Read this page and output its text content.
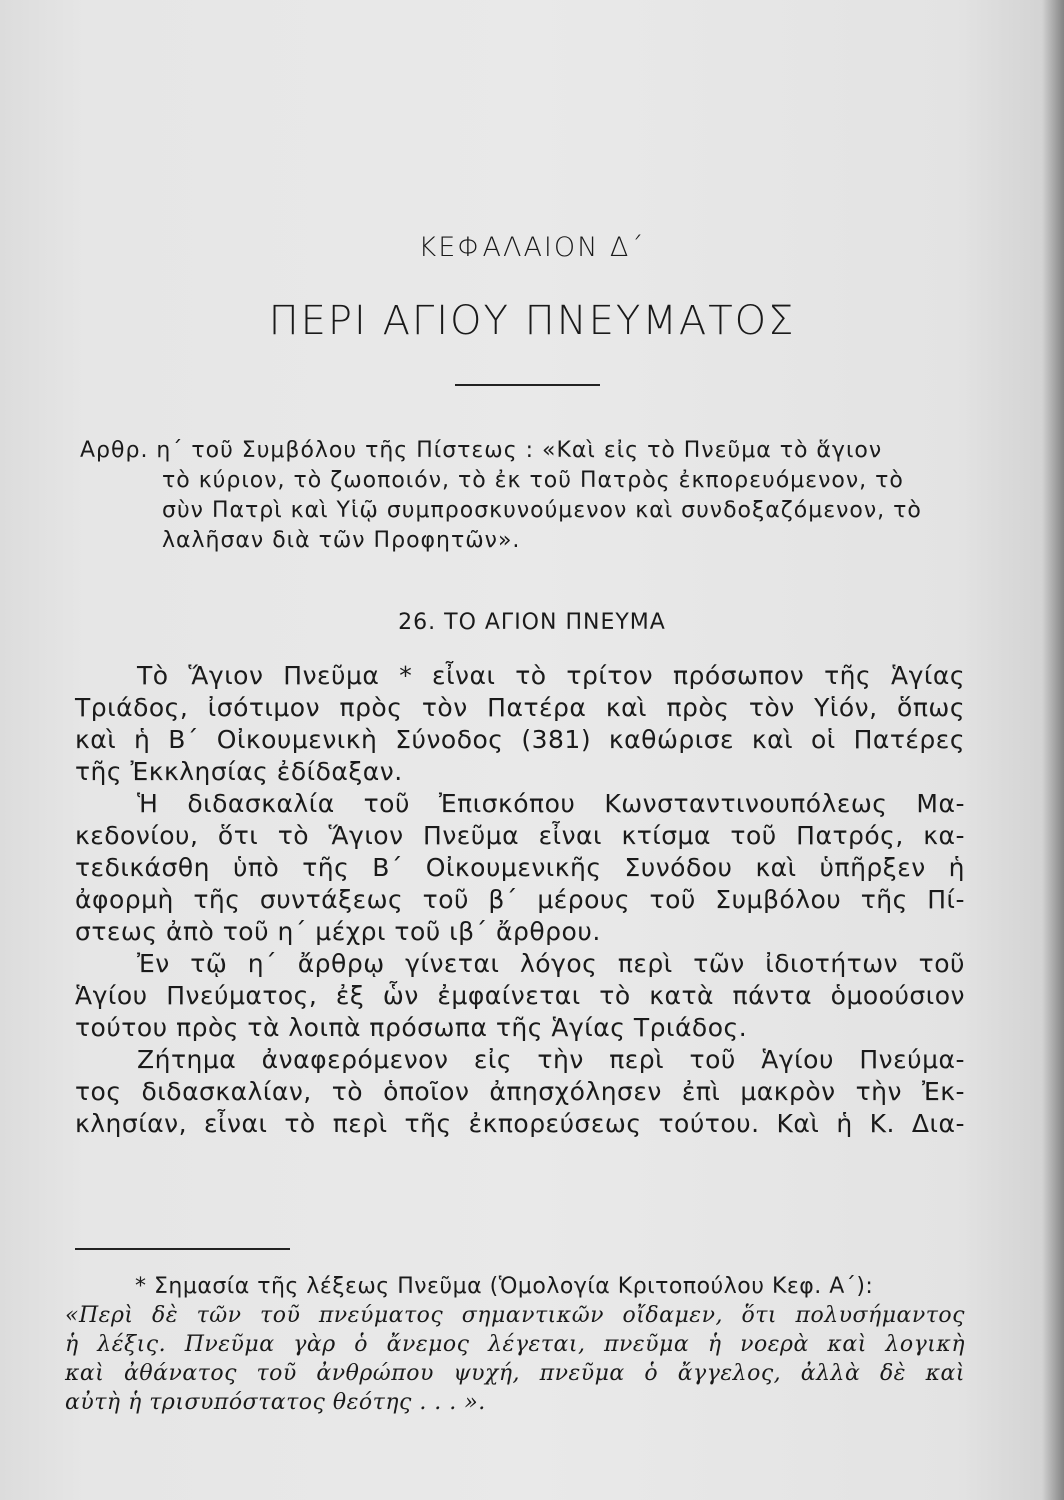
ΚΕΦΑΛΑΙΟΝ Δ΄
ΠΕΡΙ ΑΓΙΟΥ ΠΝΕΥΜΑΤΟΣ
Αρθρ. η΄ τοῦ Συμβόλου τῆς Πίστεως : «Καὶ εἰς τὸ Πνεῦμα τὸ ἅγιον
τὸ κύριον, τὸ ζωοποιόν, τὸ ἐκ τοῦ Πατρὸς ἐκπορευόμενον, τὸ
σὺν Πατρὶ καὶ Υἱῷ συμπροσκυνούμενον καὶ συνδοξαζόμενον, τὸ
λαλῆσαν διὰ τῶν Προφητῶν».
26. ΤΟ ΑΓΙΟΝ ΠΝΕΥΜΑ
Τὸ Ἅγιον Πνεῦμα * εἶναι τὸ τρίτον πρόσωπον τῆς Ἁγίας
Τριάδος, ἰσότιμον πρὸς τὸν Πατέρα καὶ πρὸς τὸν Υἱόν, ὅπως
καὶ ἡ Β΄ Οἰκουμενικὴ Σύνοδος (381) καθώρισε καὶ οἱ Πατέρες
τῆς Ἐκκλησίας ἐδίδαξαν.
Ἡ διδασκαλία τοῦ Ἐπισκόπου Κωνσταντινουπόλεως Μα-
κεδονίου, ὅτι τὸ Ἅγιον Πνεῦμα εἶναι κτίσμα τοῦ Πατρός, κα-
τεδικάσθη ὑπὸ τῆς Β΄ Οἰκουμενικῆς Συνόδου καὶ ὑπῆρξεν ἡ
ἀφορμὴ τῆς συντάξεως τοῦ β΄ μέρους τοῦ Συμβόλου τῆς Πί-
στεως ἀπὸ τοῦ η΄ μέχρι τοῦ ιβ΄ ἄρθρου.
Ἐν τῷ η΄ ἄρθρῳ γίνεται λόγος περὶ τῶν ἰδιοτήτων τοῦ
Ἁγίου Πνεύματος, ἐξ ὧν ἐμφαίνεται τὸ κατὰ πάντα ὁμοούσιον
τούτου πρὸς τὰ λοιπὰ πρόσωπα τῆς Ἁγίας Τριάδος.
Ζήτημα ἀναφερόμενον εἰς τὴν περὶ τοῦ Ἁγίου Πνεύμα-
τος διδασκαλίαν, τὸ ὁποῖον ἀπησχόλησεν ἐπὶ μακρὸν τὴν Ἐκ-
κλησίαν, εἶναι τὸ περὶ τῆς ἐκπορεύσεως τούτου. Καὶ ἡ Κ. Δια-
* Σημασία τῆς λέξεως Πνεῦμα (Ὁμολογία Κριτοπούλου Κεφ. Α΄):
«Περὶ δὲ τῶν τοῦ πνεύματος σημαντικῶν οἴδαμεν, ὅτι πολυσήμαντος
ἡ λέξις. Πνεῦμα γὰρ ὁ ἄνεμος λέγεται, πνεῦμα ἡ νοερὰ καὶ λογικὴ
καὶ ἀθάνατος τοῦ ἀνθρώπου ψυχή, πνεῦμα ὁ ἄγγελος, ἀλλὰ δὲ καὶ
αὐτὴ ἡ τρισυπόστατος θεότης . . . ».
